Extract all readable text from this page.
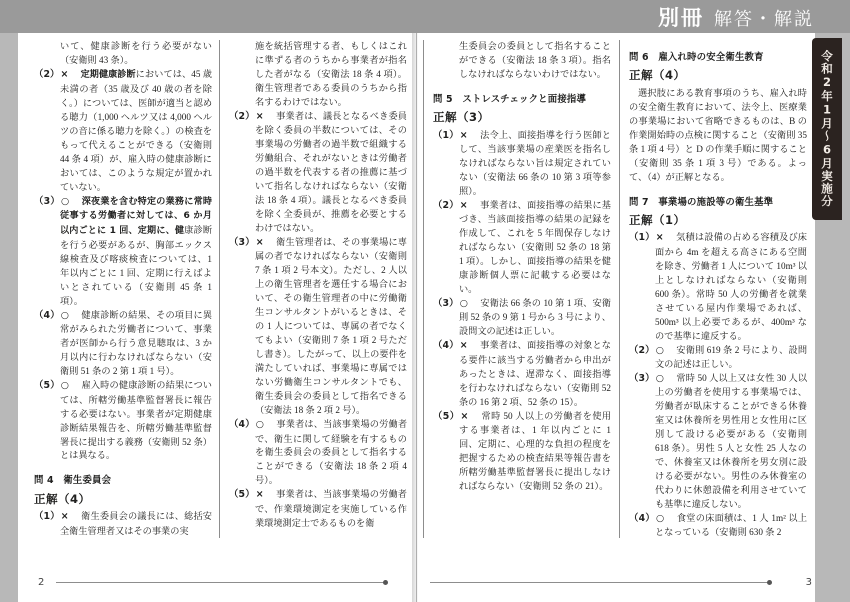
別冊 解答・解説

いて、健康診断を行う必要がない（安衛則 43 条）。

（2）×　定期健康診断においては、45 歳未満の者（35 歳及び 40 歳の者を除く。）については、医師が適当と認める聴力（1,000 ヘルツ又は 4,000 ヘルツの音に係る聴力を除く。）の検査をもって代えることができる（安衛則 44 条 4 項）が、雇入時の健康診断においては、このような規定が置かれていない。

（3）○　深夜業を含む特定の業務に常時従事する労働者に対しては、6 か月以内ごとに 1 回、定期に、健康診断を行う必要があるが、胸部エックス線検査及び喀痰検査については、1 年以内ごとに 1 回、定期に行えばよいとされている（安衛則 45 条 1 項）。

（4）○　 健康診断の結果、その項目に異常がみられた労働者について、事業者が医師から行う意見聴取は、3 か月以内に行わなければならない（安衛則 51 条の 2 第 1 項 1 号）。

（5）○　 雇入時の健康診断の結果については、所轄労働基準監督署長に報告する必要はない。事業者が定期健康診断結果報告を、所轄労働基準監督署長に提出する義務（安衛則 52 条）とは異なる。

問 4　衛生委員会
正解（4）

（1）×　 衛生委員会の議長には、総括安全衛生管理者又はその事業の実

施を統括管理する者、もしくはこれに準ずる者のうちから事業者が指名した者がなる（安衛法 18 条 4 項）。衛生管理者である委員のうちから指名するわけではない。

（2）×　 事業者は、議長となるべき委員を除く委員の半数については、その事業場の労働者の過半数で組織する労働組合、それがないときは労働者の過半数を代表する者の推薦に基づいて指名しなければならない（安衛法 18 条 4 項）。議長となるべき委員を除く全委員が、推薦を必要とするわけではない。

（3）×　 衛生管理者は、その事業場に専属の者でなければならない（安衛則 7 条 1 項 2 号本文）。ただし、2 人以上の衛生管理者を選任する場合において、その衛生管理者の中に労働衛生コンサルタントがいるときは、その 1 人については、専属の者でなくてもよい（安衛則 7 条 1 項 2 号ただし書き）。したがって、以上の要件を満たしていれば、事業場に専属ではない労働衛生コンサルタントでも、衛生委員会の委員として指名できる（安衛法 18 条 2 項 2 号）。

（4）○　 事業者は、当該事業場の労働者で、衛生に関して経験を有するものを衛生委員会の委員として指名することができる（安衛法 18 条 2 項 4 号）。

（5）×　 事業者は、当該事業場の労働者で、作業環境測定を実施している作業環境測定士であるものを衛

生委員会の委員として指名することができる（安衛法 18 条 3 項）。指名しなければならないわけではない。

問 5　ストレスチェックと面接指導
正解（3）

（1）×　 法令上、面接指導を行う医師として、当該事業場の産業医を指名しなければならない旨は規定されていない（安衛法 66 条の 10 第 3 項等参照）。

（2）×　 事業者は、面接指導の結果に基づき、当該面接指導の結果の記録を作成して、これを 5 年間保存しなければならない（安衛則 52 条の 18 第 1 項）。しかし、面接指導の結果を健康診断個人票に記載する必要はない。

（3）○　 安衛法 66 条の 10 第 1 項、安衛則 52 条の 9 第 1 号から 3 号により、設問文の記述は正しい。

（4）×　 事業者は、面接指導の対象となる要件に該当する労働者から申出があったときは、遅滞なく、面接指導を行わなければならない（安衛則 52 条の 16 第 2 項、52 条の 15）。

（5）×　 常時 50 人以上の労働者を使用する事業者は、1 年以内ごとに 1 回、定期に、心理的な負担の程度を把握するための検査結果等報告書を所轄労働基準監督署長に提出しなければならない（安衛則 52 条の 21）。

問 6　雇入れ時の安全衛生教育
正解（4）

選択肢にある教育事項のうち、雇入れ時の安全衛生教育において、法令上、医療業の事業場において省略できるものは、B の作業開始時の点検に関すること（安衛則 35 条 1 項 4 号）と D の作業手順に関すること（安衛則 35 条 1 項 3 号）である。よって、（4）が正解となる。

問 7　事業場の施設等の衛生基準
正解（1）

（1）×　 気積は設備の占める容積及び床面から 4m を超える高さにある空間を除き、労働者 1 人について 10m³ 以上としなければならない（安衛則 600 条）。常時 50 人の労働者を就業させている屋内作業場であれば、500m³ 以上必要であるが、400m³ なので基準に違反する。

（2）○　 安衛則 619 条 2 号により、設問文の記述は正しい。

（3）○　 常時 50 人以上又は女性 30 人以上の労働者を使用する事業場では、労働者が臥床することができる休養室又は休養所を男性用と女性用に区別して設ける必要がある（安衛則 618 条）。男性 5 人と女性 25 人なので、休養室又は休養所を男女別に設ける必要がない。男性のみ休養室の代わりに休憩設備を利用させていても基準に違反しない。

（4）○　 食堂の床面積は、1 人 1m² 以上となっている（安衛則 630 条 2

令和2年1月〜6月実施分
2	3
